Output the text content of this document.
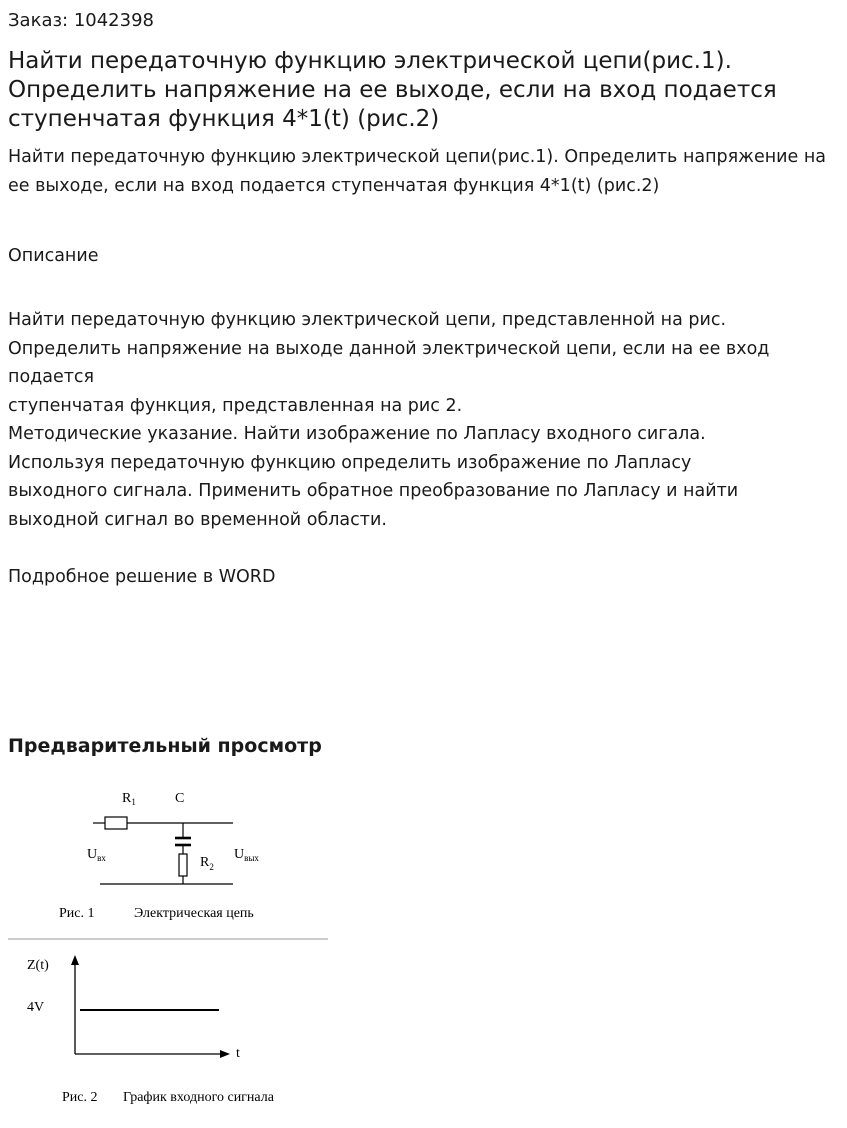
Заказ: 1042398
Найти передаточную функцию электрической цепи(рис.1). Определить напряжение на ее выходе, если на вход подается ступенчатая функция 4*1(t) (рис.2)

Найти передаточную функцию электрической цепи(рис.1). Определить напряжение на ее выходе, если на вход подается ступенчатая функция 4*1(t) (рис.2)

Описание
Найти передаточную функцию электрической цепи, представленной на рис.
Определить напряжение на выходе данной электрической цепи, если на ее вход
подается
ступенчатая функция, представленная на рис 2.
Методические указание. Найти изображение по Лапласу входного сигала.
Используя передаточную функцию определить изображение по Лапласу
выходного сигнала. Применить обратное преобразование по Лапласу и найти
выходной сигнал во временной области.
Подробное решение в WORD
Предварительный просмотр
$R_1$	C
$U_{вх}$	$R_2$
$U_{вых}$
Рис. 1	Электрическая цепь
Z(t)
4V
t
Рис. 2 График входного сигнала
